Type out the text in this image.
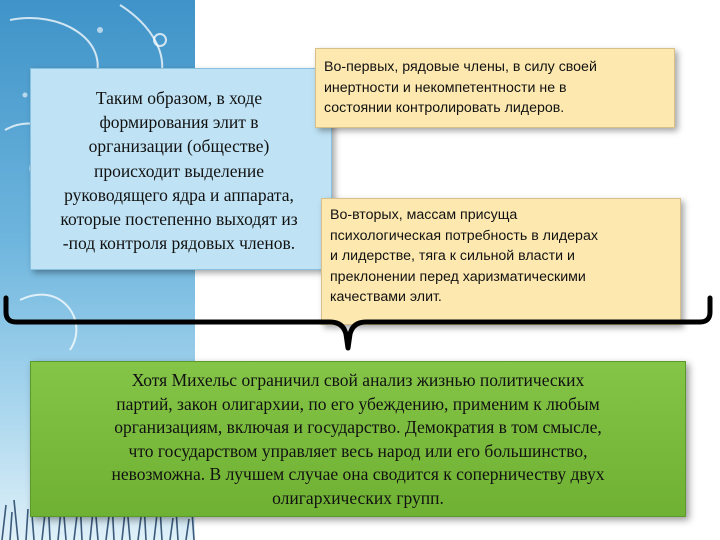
Таким образом, в ходе
формирования элит в
организации (обществе)
происходит выделение
руководящего ядра и аппарата,
которые постепенно выходят из
-под контроля рядовых членов.

Во-первых, рядовые члены, в силу своей
инертности и некомпетентности не в
состоянии контролировать лидеров.

Во-вторых, массам присуща
психологическая потребность в лидерах
и лидерстве, тяга к сильной власти и
преклонении перед харизматическими
качествами элит.

Хотя Михельс ограничил свой анализ жизнью политических
партий, закон олигархии, по его убеждению, применим к любым
организациям, включая и государство. Демократия в том смысле,
что государством управляет весь народ или его большинство,
невозможна. В лучшем случае она сводится к соперничеству двух
олигархических групп.
